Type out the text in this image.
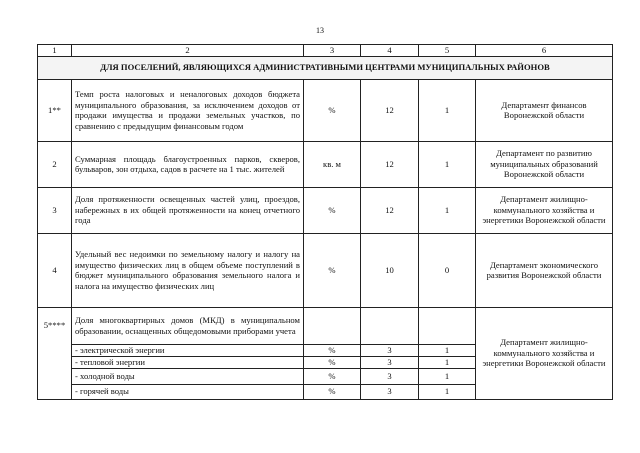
13
1	2	3	4	5	6
ДЛЯ ПОСЕЛЕНИЙ, ЯВЛЯЮЩИХСЯ АДМИНИСТРАТИВНЫМИ ЦЕНТРАМИ МУНИЦИПАЛЬНЫХ РАЙОНОВ					
1**	Темп роста налоговых и неналоговых доходов бюджета муниципального образования, за исключением доходов от продажи имущества и продажи земельных участков, по сравнению с предыдущим финансовым годом	%	12	1	Департамент финансов Воронежской области
2	Суммарная площадь благоустроенных парков, скверов, бульваров, зон отдыха, садов в расчете на 1 тыс. жителей	кв. м	12	1	Департамент по развитию муниципальных образований Воронежской области
3	Доля протяженности освещенных частей улиц, проездов, набережных в их общей протяженности на конец отчетного года	%	12	1	Департамент жилищно-коммунального хозяйства и энергетики Воронежской области
4	Удельный вес недоимки по земельному налогу и налогу на имущество физических лиц в общем объеме поступлений в бюджет муниципального образования земельного налога и налога на имущество физических лиц	%	10	0	Департамент экономического развития Воронежской области
5****	Доля многоквартирных домов (МКД) в муниципальном образовании, оснащенных общедомовыми приборами учета				Департамент жилищно-коммунального хозяйства и энергетики Воронежской области
	- электрической энергии	%	3	1	
	- тепловой энергии	%	3	1	
	- холодной воды	%	3	1	
	- горячей воды	%	3	1	
